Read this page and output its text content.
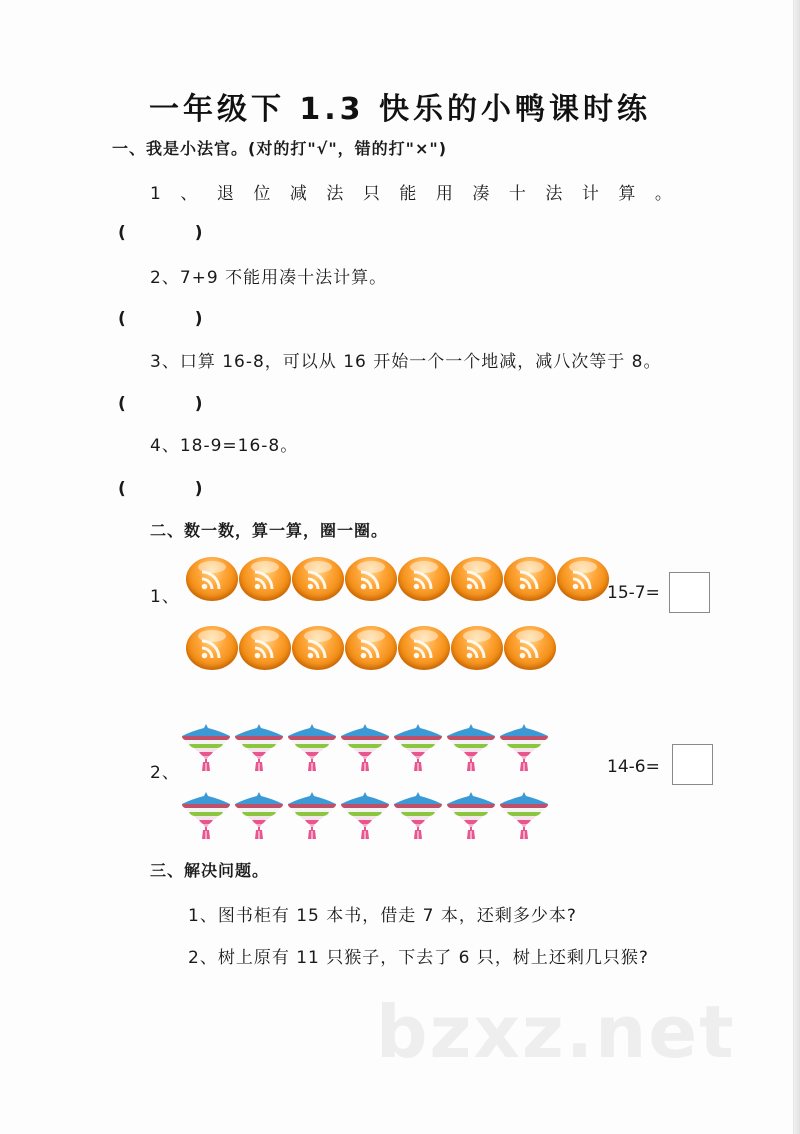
一年级下 1.3 快乐的小鸭课时练
一、我是小法官。(对的打"√"，错的打"×")
1、退位减法只能用凑十法计算。
(　)
2、7+9 不能用凑十法计算。
(　)
3、口算 16-8，可以从 16 开始一个一个地减，减八次等于 8。
(　)
4、18-9=16-8。
(　)
二、数一数，算一算，圈一圈。
1、	15-7=
2、	14-6=
三、解决问题。
1、图书柜有 15 本书，借走 7 本，还剩多少本?
2、树上原有 11 只猴子，下去了 6 只，树上还剩几只猴?
bzxz.net
